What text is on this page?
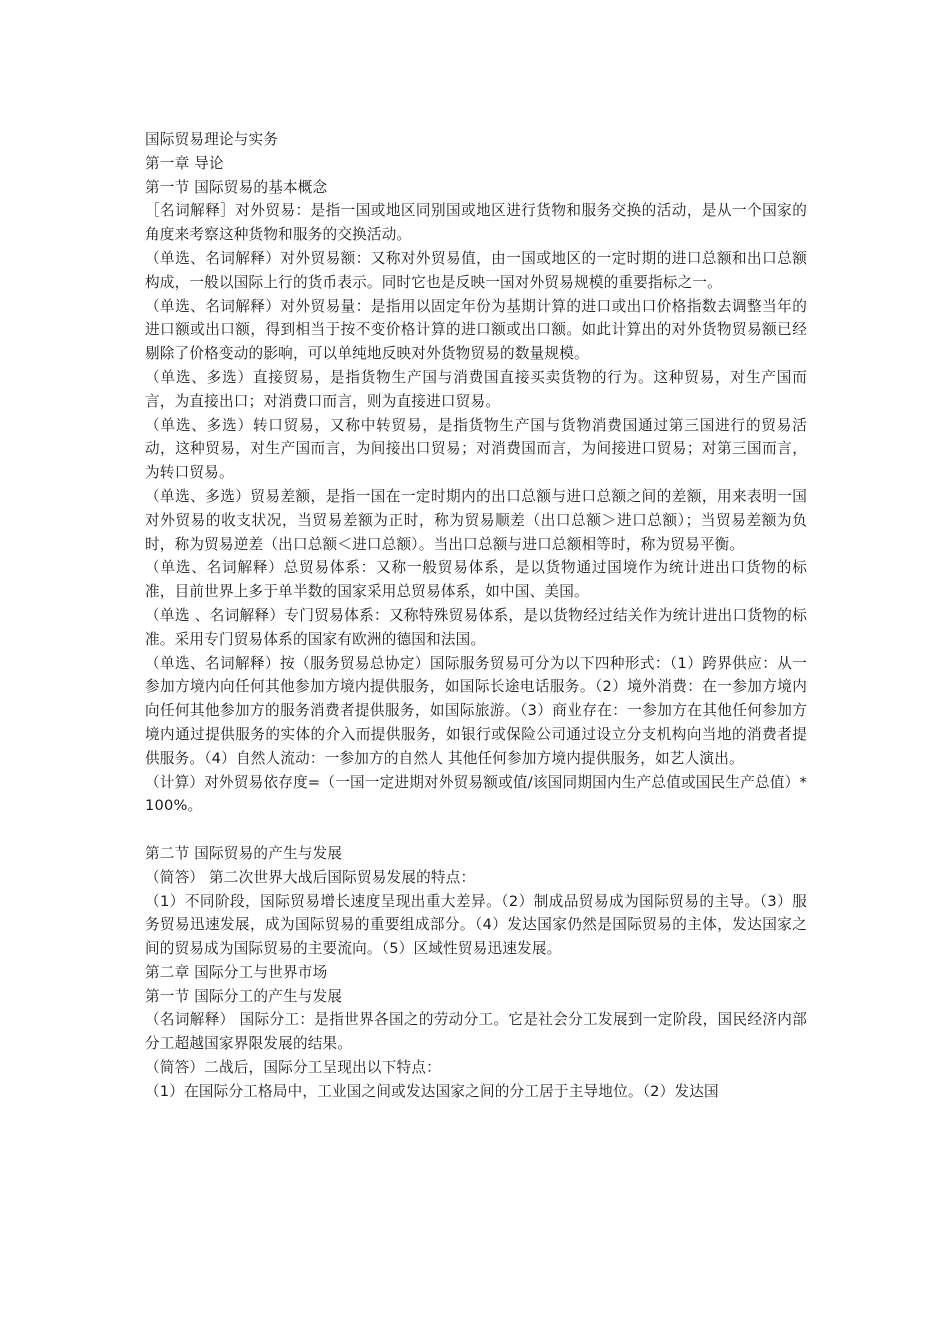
国际贸易理论与实务

第一章 导论

第一节 国际贸易的基本概念

［名词解释］对外贸易：是指一国或地区同别国或地区进行货物和服务交换的活动，是从一个国家的角度来考察这种货物和服务的交换活动。

（单选、名词解释）对外贸易额：又称对外贸易值，由一国或地区的一定时期的进口总额和出口总额构成，一般以国际上行的货币表示。同时它也是反映一国对外贸易规模的重要指标之一。

（单选、名词解释）对外贸易量：是指用以固定年份为基期计算的进口或出口价格指数去调整当年的进口额或出口额，得到相当于按不变价格计算的进口额或出口额。如此计算出的对外货物贸易额已经剔除了价格变动的影响，可以单纯地反映对外货物贸易的数量规模。

（单选、多选）直接贸易，是指货物生产国与消费国直接买卖货物的行为。这种贸易，对生产国而言，为直接出口；对消费口而言，则为直接进口贸易。

（单选、多选）转口贸易，又称中转贸易，是指货物生产国与货物消费国通过第三国进行的贸易活动，这种贸易，对生产国而言，为间接出口贸易；对消费国而言，为间接进口贸易；对第三国而言，为转口贸易。

（单选、多选）贸易差额，是指一国在一定时期内的出口总额与进口总额之间的差额，用来表明一国对外贸易的收支状况，当贸易差额为正时，称为贸易顺差（出口总额＞进口总额）；当贸易差额为负时，称为贸易逆差（出口总额＜进口总额）。当出口总额与进口总额相等时，称为贸易平衡。

（单选、名词解释）总贸易体系：又称一般贸易体系，是以货物通过国境作为统计进出口货物的标准，目前世界上多于单半数的国家采用总贸易体系，如中国、美国。

（单选 、名词解释）专门贸易体系：又称特殊贸易体系，是以货物经过结关作为统计进出口货物的标准。采用专门贸易体系的国家有欧洲的德国和法国。

（单选、名词解释）按（服务贸易总协定）国际服务贸易可分为以下四种形式：（1）跨界供应：从一参加方境内向任何其他参加方境内提供服务，如国际长途电话服务。（2）境外消费：在一参加方境内向任何其他参加方的服务消费者提供服务，如国际旅游。（3）商业存在：一参加方在其他任何参加方境内通过提供服务的实体的介入而提供服务，如银行或保险公司通过设立分支机构向当地的消费者提供服务。（4）自然人流动：一参加方的自然人 其他任何参加方境内提供服务，如艺人演出。

（计算）对外贸易依存度=（一国一定进期对外贸易额或值/该国同期国内生产总值或国民生产总值）*100%。

第二节 国际贸易的产生与发展

（简答） 第二次世界大战后国际贸易发展的特点：

（1）不同阶段，国际贸易增长速度呈现出重大差异。（2）制成品贸易成为国际贸易的主导。（3）服务贸易迅速发展，成为国际贸易的重要组成部分。（4）发达国家仍然是国际贸易的主体，发达国家之间的贸易成为国际贸易的主要流向。（5）区域性贸易迅速发展。

第二章 国际分工与世界市场

第一节 国际分工的产生与发展

（名词解释） 国际分工：是指世界各国之的劳动分工。它是社会分工发展到一定阶段，国民经济内部分工超越国家界限发展的结果。

（简答）二战后，国际分工呈现出以下特点：

（1）在国际分工格局中，工业国之间或发达国家之间的分工居于主导地位。（2）发达国
